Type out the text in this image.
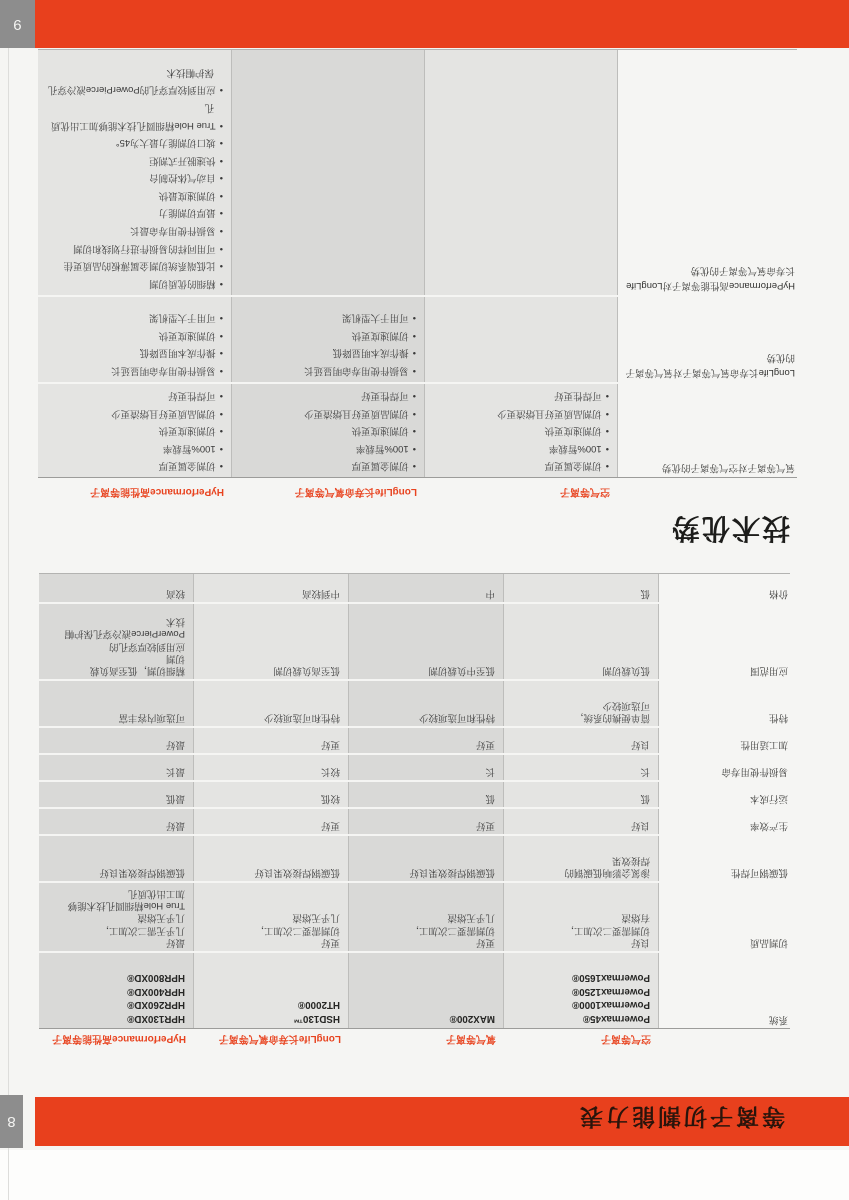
等离子切割能力表
8
空气等离子
氧气等离子
LongLife长寿命氧气等离子
HyPerformance高性能等离子
系统
Powermax45®
Powermax1000®
Powermax1250®
Powermax1650®
MAX200®
HSD130™
HT2000®
HPR130XD®
HPR260XD®
HPR400XD®
HPR800XD®
切割品质
良好
切割需要二次加工，
有熔渣
更好
切割需要二次加工，
几乎无熔渣
更好
切割需要二次加工，
几乎无熔渣
最好
几乎无需二次加工，
几乎无熔渣
True Hole精细圆孔技术能够
加工出优质孔
低碳钢可焊性
渗氮会影响低碳钢的
焊接效果
低碳钢焊接效果良好
低碳钢焊接效果良好
低碳钢焊接效果良好
生产效率
良好
更好
更好
最好
运行成本
低
低
较低
最低
易损件使用寿命
长
长
较长
最长
加工适用性
良好
更好
更好
最好
特性
简单便携的系统，
可选项较少
特性和可选项较少
特性和可选项较少
可选项内容丰富
应用范围
低负载切割
低至中负载切割
低至高负载切割
精细切割，低至高负载
切割
应用到较厚穿孔的
PowerPierce液冷穿孔保护帽
技术
价格
低
中
中到较高
较高
技术优势
空气等离子
LongLife长寿命氧气等离子
HyPerformance高性能等离子
氧气等离子对空气等离子的优势
• 切割金属更厚
• 100%暂载率
• 切割速度更快
• 切割品质更好且熔渣更少
• 可焊性更好
• 切割金属更厚
• 100%暂载率
• 切割速度更快
• 切割品质更好且熔渣更少
• 可焊性更好
• 切割金属更厚
• 100%暂载率
• 切割速度更快
• 切割品质更好且熔渣更少
• 可焊性更好
LongLife长寿命氧气等离子对氧气等离子的优势
• 易损件使用寿命明显延长
• 操作成本明显降低
• 切割速度更快
• 可用于大型机架
• 易损件使用寿命明显延长
• 操作成本明显降低
• 切割速度更快
• 可用于大型机架
HyPerformance高性能等离子对LongLife长寿命氧气等离子的优势
• 精细的优质切割
• 比低端系统切割金属薄板的品质更佳
• 可用同样的易损件进行划线和切割
• 易损件使用寿命最长
• 最厚切割能力
• 切割速度最快
• 自动气体控制台
• 快速脱开式割炬
• 坡口切割能力最大为45°
• True Hole精细圆孔技术能够加工出优质孔
• 应用到较厚穿孔的PowerPierce液冷穿孔保护帽技术
9
